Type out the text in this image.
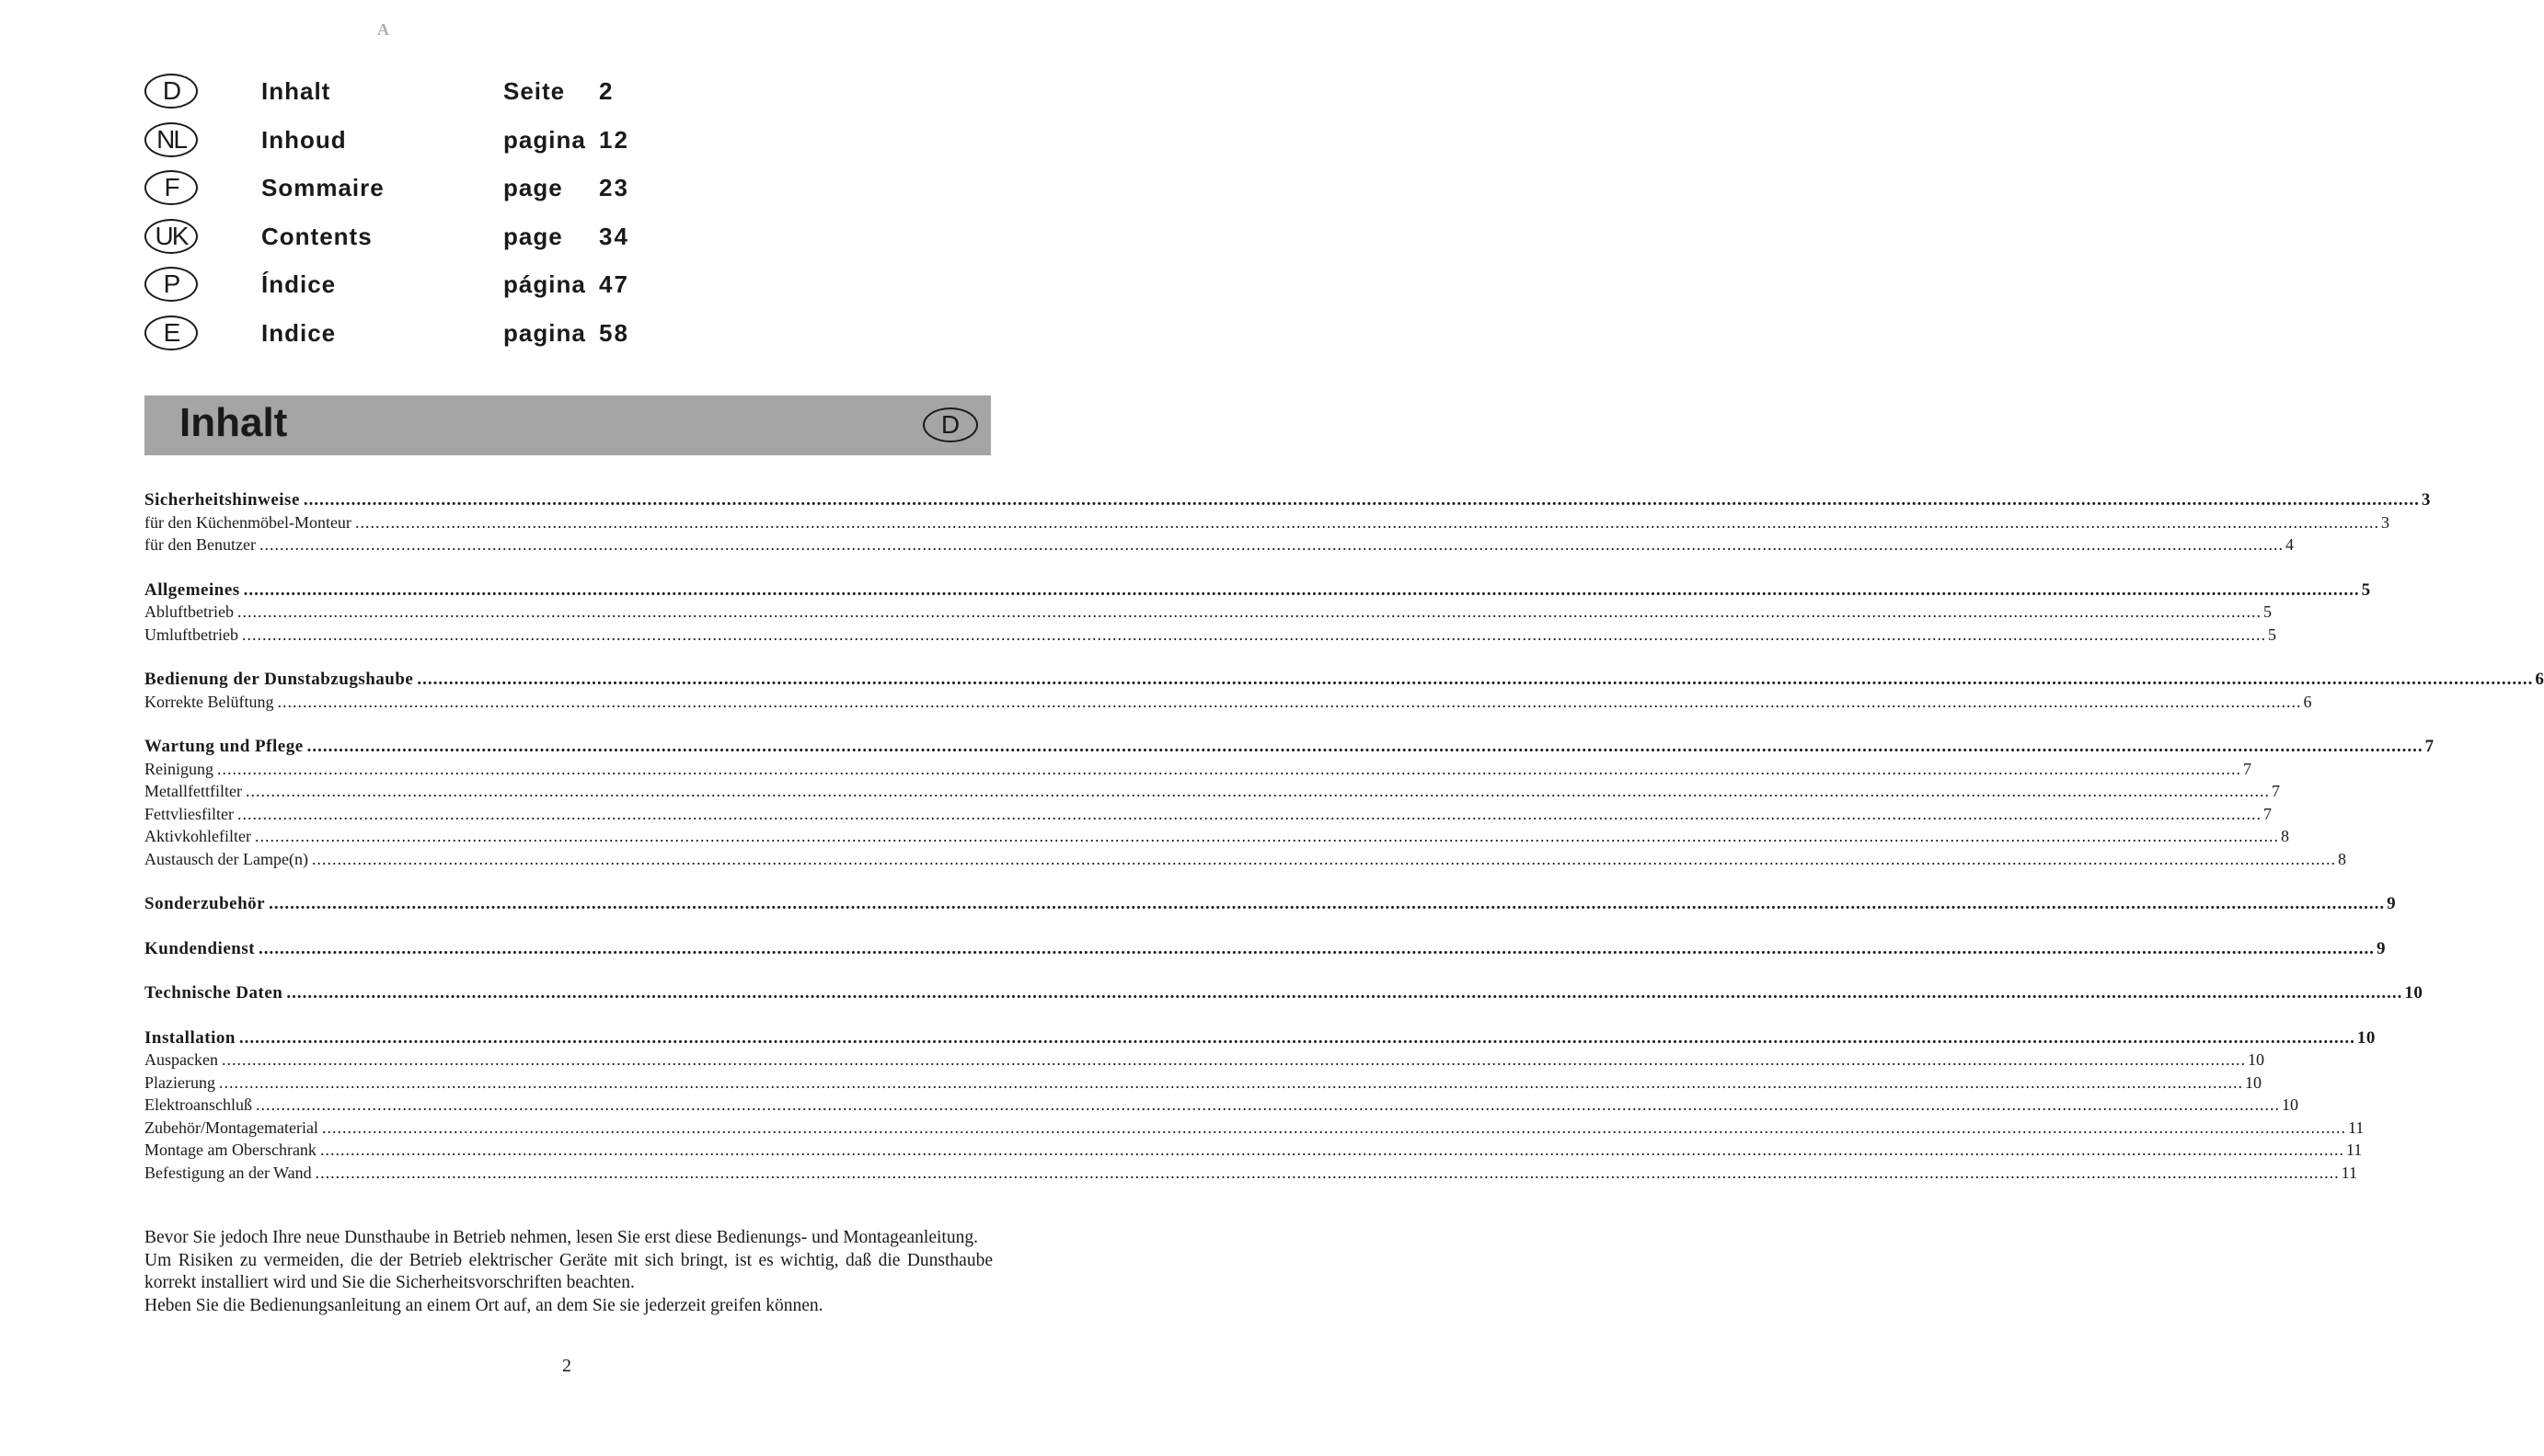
A
D	Inhalt	Seite 2
NL	Inhoud	pagina 12
F	Sommaire	page 23
UK	Contents	page 34
P	Índice	página 47
E	Indice	pagina 58
Inhalt	D
Sicherheitshinweise ................................................................................................................................................................................................................................................................................................................................................................................................................ 3
für den Küchenmöbel-Monteur ................................................................................................................................................................................................................................................................................................................................................................................................................ 3
für den Benutzer ................................................................................................................................................................................................................................................................................................................................................................................................................ 4
Allgemeines ................................................................................................................................................................................................................................................................................................................................................................................................................ 5
Abluftbetrieb ................................................................................................................................................................................................................................................................................................................................................................................................................ 5
Umluftbetrieb ................................................................................................................................................................................................................................................................................................................................................................................................................ 5
Bedienung der Dunstabzugshaube ................................................................................................................................................................................................................................................................................................................................................................................................................ 6
Korrekte Belüftung ................................................................................................................................................................................................................................................................................................................................................................................................................ 6
Wartung und Pflege ................................................................................................................................................................................................................................................................................................................................................................................................................ 7
Reinigung ................................................................................................................................................................................................................................................................................................................................................................................................................ 7
Metallfettfilter ................................................................................................................................................................................................................................................................................................................................................................................................................ 7
Fettvliesfilter ................................................................................................................................................................................................................................................................................................................................................................................................................ 7
Aktivkohlefilter ................................................................................................................................................................................................................................................................................................................................................................................................................ 8
Austausch der Lampe(n) ................................................................................................................................................................................................................................................................................................................................................................................................................ 8
Sonderzubehör ................................................................................................................................................................................................................................................................................................................................................................................................................ 9
Kundendienst ................................................................................................................................................................................................................................................................................................................................................................................................................ 9
Technische Daten ................................................................................................................................................................................................................................................................................................................................................................................................................ 10
Installation ................................................................................................................................................................................................................................................................................................................................................................................................................ 10
Auspacken ................................................................................................................................................................................................................................................................................................................................................................................................................ 10
Plazierung ................................................................................................................................................................................................................................................................................................................................................................................................................ 10
Elektroanschluß ................................................................................................................................................................................................................................................................................................................................................................................................................ 10
Zubehör/Montagematerial ................................................................................................................................................................................................................................................................................................................................................................................................................ 11
Montage am Oberschrank ................................................................................................................................................................................................................................................................................................................................................................................................................ 11
Befestigung an der Wand ................................................................................................................................................................................................................................................................................................................................................................................................................ 11

Bevor Sie jedoch Ihre neue Dunsthaube in Betrieb nehmen, lesen Sie erst diese Bedienungs- und Montageanleitung.

Um Risiken zu vermeiden, die der Betrieb elektrischer Geräte mit sich bringt, ist es wichtig, daß die Dunsthaube korrekt installiert wird und Sie die Sicherheitsvorschriften beachten.

Heben Sie die Bedienungsanleitung an einem Ort auf, an dem Sie sie jederzeit greifen können.

2
